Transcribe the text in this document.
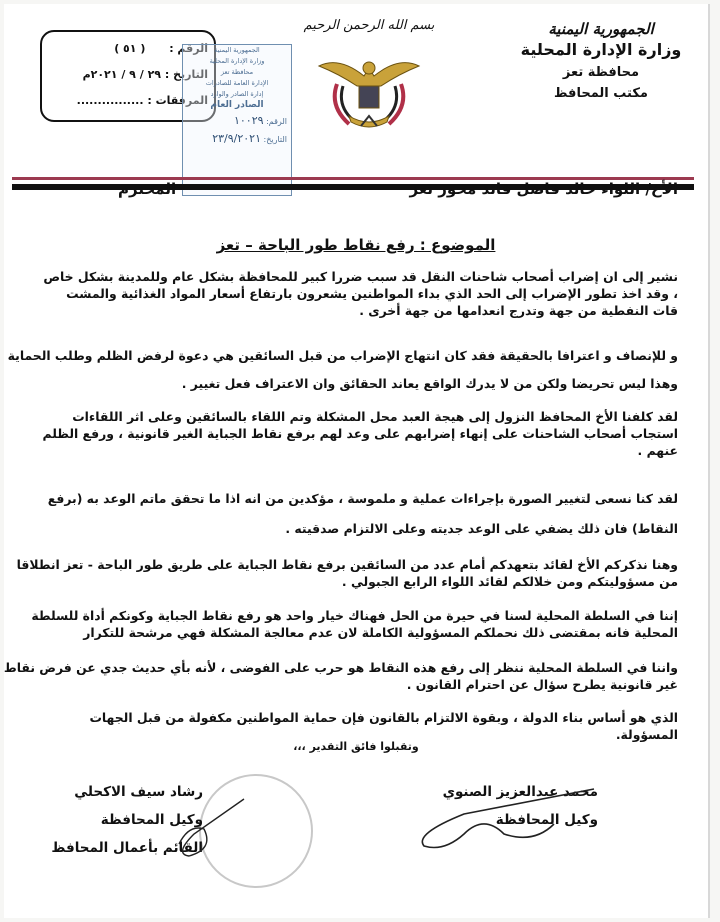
الجمهورية اليمنية
وزارة الإدارة المحلية
محافظة تعز
مكتب المحافظ
بسم الله الرحمن الرحيم
الرقم : ( ٥١ )
التاريخ : ٢٩ / ٩ / ٢٠٢١م
المرفقات : ................
الجمهورية اليمنية
وزارة الإدارة المحلية
محافظة تعز
الإدارة العامة للصادرات
إدارة الصادر والوارد
الصادر العام
الرقم: ١٠٠٢٩
التاريخ: ٢٣/٩/٢٠٢١
الأخ/ اللواء خالد فاضل قائد محور تعز
المحترم
الموضوع : رفع نقاط طور الباحة – تعز
نشير إلى ان إضراب أصحاب شاحنات النقل قد سبب ضررا كبير للمحافظة بشكل عام وللمدينة بشكل خاص
، وقد اخذ تطور الإضراب إلى الحد الذي بداء المواطنين يشعرون بارتفاع أسعار المواد الغذائية والمشت
قات النفطية من جهة وتدرج انعدامها من جهة أخرى .
و للإنصاف و اعترافا بالحقيقة فقد كان انتهاج الإضراب من قبل السائقين هي دعوة لرفض الظلم وطلب الحماية
وهذا ليس تحريضا ولكن من لا يدرك الواقع يعاند الحقائق وان الاعتراف فعل تغيير .
لقد كلفنا الأخ المحافظ النزول إلى هيجة العبد محل المشكلة وتم اللقاء بالسائقين وعلى اثر اللقاءات
استجاب أصحاب الشاحنات على إنهاء إضرابهم على وعد لهم برفع نقاط الجباية الغير قانونية ، ورفع الظلم
عنهم .
لقد كنا نسعى لتغيير الصورة بإجراءات عملية و ملموسة ، مؤكدين من انه اذا ما تحقق ماتم الوعد به (برفع
النقاط) فان ذلك يضفي على الوعد جديته وعلى الالتزام صدقيته .
وهنا نذكركم الأخ لقائد بتعهدكم أمام عدد من السائقين برفع نقاط الجباية على طريق طور الباحة - تعز انطلاقا
من مسؤوليتكم ومن خلالكم لقائد اللواء الرابع الجبولي .
إننا في السلطة المحلية لسنا في حيرة من الحل فهناك خيار واحد هو رفع نقاط الجباية وكونكم أداة للسلطة
المحلية فانه بمقتضى ذلك نحملكم المسؤولية الكاملة لان عدم معالجة المشكلة فهي مرشحة للتكرار
واننا في السلطة المحلية ننظر إلى رفع هذه النقاط هو حرب على الفوضى ، لأنه بأي حديث جدي عن فرض نقاط
غير قانونية يطرح سؤال عن احترام القانون .
الذي هو أساس بناء الدولة ، وبقوة الالتزام بالقانون فإن حماية المواطنين مكفولة من قبل الجهات
المسؤولة.
وتقبلوا فائق التقدير ،،،
محمد عبدالعزيز الصنوي
وكيل المحافظة
رشاد سيف الاكحلي
وكيل المحافظة
القائم بأعمال المحافظ
